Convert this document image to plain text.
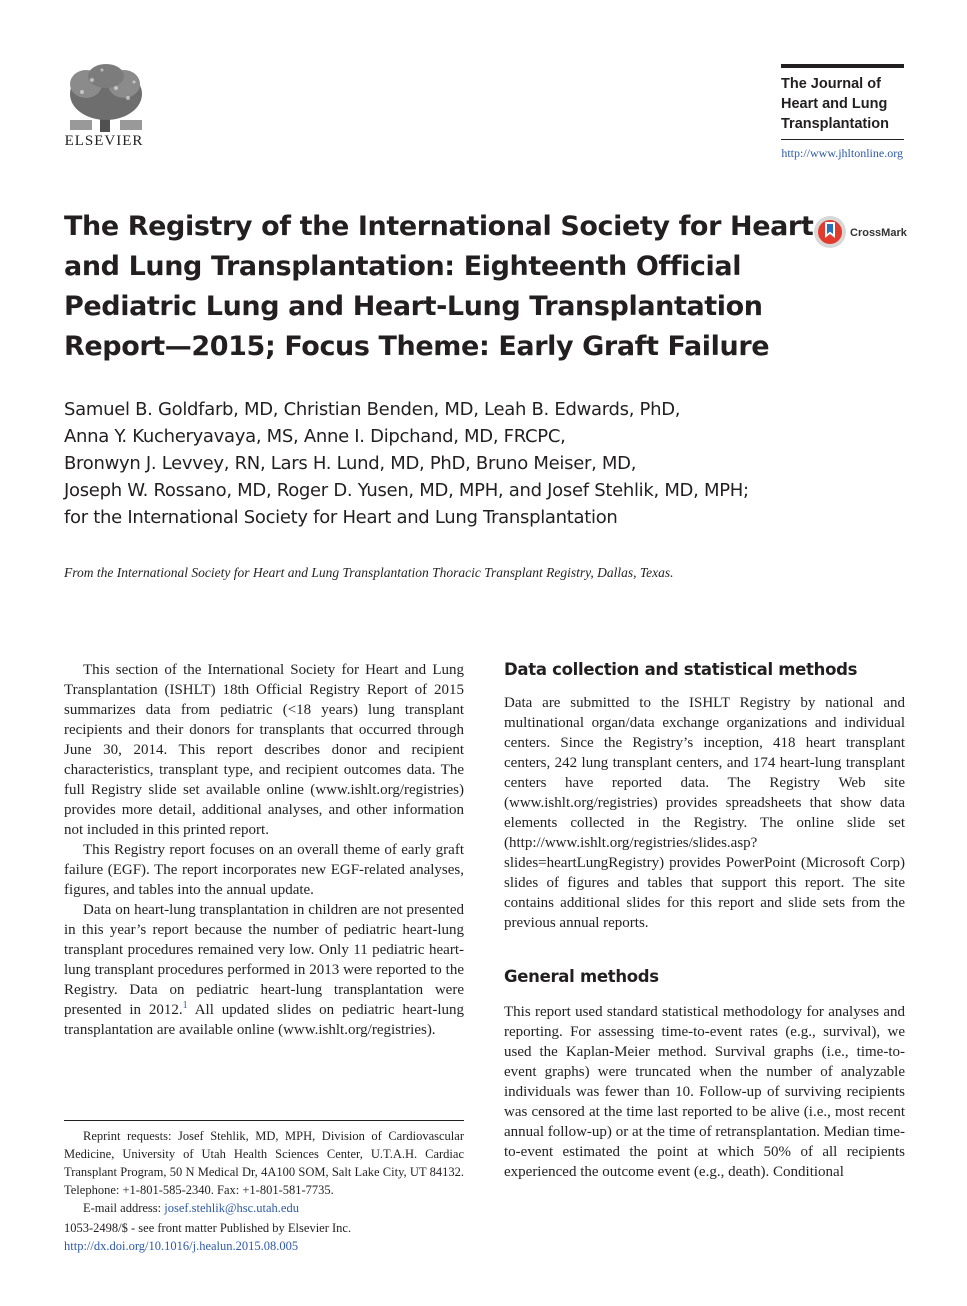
ELSEVIER
The Journal of
Heart and Lung
Transplantation
http://www.jhltonline.org
The Registry of the International Society for Heart
and Lung Transplantation: Eighteenth Official
Pediatric Lung and Heart-Lung Transplantation
Report—2015; Focus Theme: Early Graft Failure
CrossMark
Samuel B. Goldfarb, MD, Christian Benden, MD, Leah B. Edwards, PhD,
Anna Y. Kucheryavaya, MS, Anne I. Dipchand, MD, FRCPC,
Bronwyn J. Levvey, RN, Lars H. Lund, MD, PhD, Bruno Meiser, MD,
Joseph W. Rossano, MD, Roger D. Yusen, MD, MPH, and Josef Stehlik, MD, MPH;
for the International Society for Heart and Lung Transplantation
From the International Society for Heart and Lung Transplantation Thoracic Transplant Registry, Dallas, Texas.

This section of the International Society for Heart and Lung Transplantation (ISHLT) 18th Official Registry Report of 2015 summarizes data from pediatric (<18 years) lung transplant recipients and their donors for transplants that occurred through June 30, 2014. This report describes donor and recipient characteristics, transplant type, and recipient outcomes data. The full Registry slide set available online (www.ishlt.org/registries) provides more detail, additional analyses, and other information not included in this printed report.

This Registry report focuses on an overall theme of early graft failure (EGF). The report incorporates new EGF-related analyses, figures, and tables into the annual update.

Data on heart-lung transplantation in children are not presented in this year’s report because the number of pediatric heart-lung transplant procedures remained very low. Only 11 pediatric heart-lung transplant procedures performed in 2013 were reported to the Registry. Data on pediatric heart-lung transplantation were presented in 2012.$^1$ All updated slides on pediatric heart-lung transplantation are available online (www.ishlt.org/registries).

Reprint requests: Josef Stehlik, MD, MPH, Division of Cardiovascular Medicine, University of Utah Health Sciences Center, U.T.A.H. Cardiac Transplant Program, 50 N Medical Dr, 4A100 SOM, Salt Lake City, UT 84132. Telephone: +1-801-585-2340. Fax: +1-801-581-7735.

E-mail address: josef.stehlik@hsc.utah.edu

1053-2498/$ - see front matter Published by Elsevier Inc.
http://dx.doi.org/10.1016/j.healun.2015.08.005
Data collection and statistical methods

Data are submitted to the ISHLT Registry by national and multinational organ/data exchange organizations and individual centers. Since the Registry’s inception, 418 heart transplant centers, 242 lung transplant centers, and 174 heart-lung transplant centers have reported data. The Registry Web site (www.ishlt.org/registries) provides spreadsheets that show data elements collected in the Registry. The online slide set (http://www.ishlt.org/registries/slides.asp?slides=heartLungRegistry) provides PowerPoint (Microsoft Corp) slides of figures and tables that support this report. The site contains additional slides for this report and slide sets from the previous annual reports.

General methods

This report used standard statistical methodology for analyses and reporting. For assessing time-to-event rates (e.g., survival), we used the Kaplan-Meier method. Survival graphs (i.e., time-to-event graphs) were truncated when the number of analyzable individuals was fewer than 10. Follow-up of surviving recipients was censored at the time last reported to be alive (i.e., most recent annual follow-up) or at the time of retransplantation. Median time-to-event estimated the point at which 50% of all recipients experienced the outcome event (e.g., death). Conditional
